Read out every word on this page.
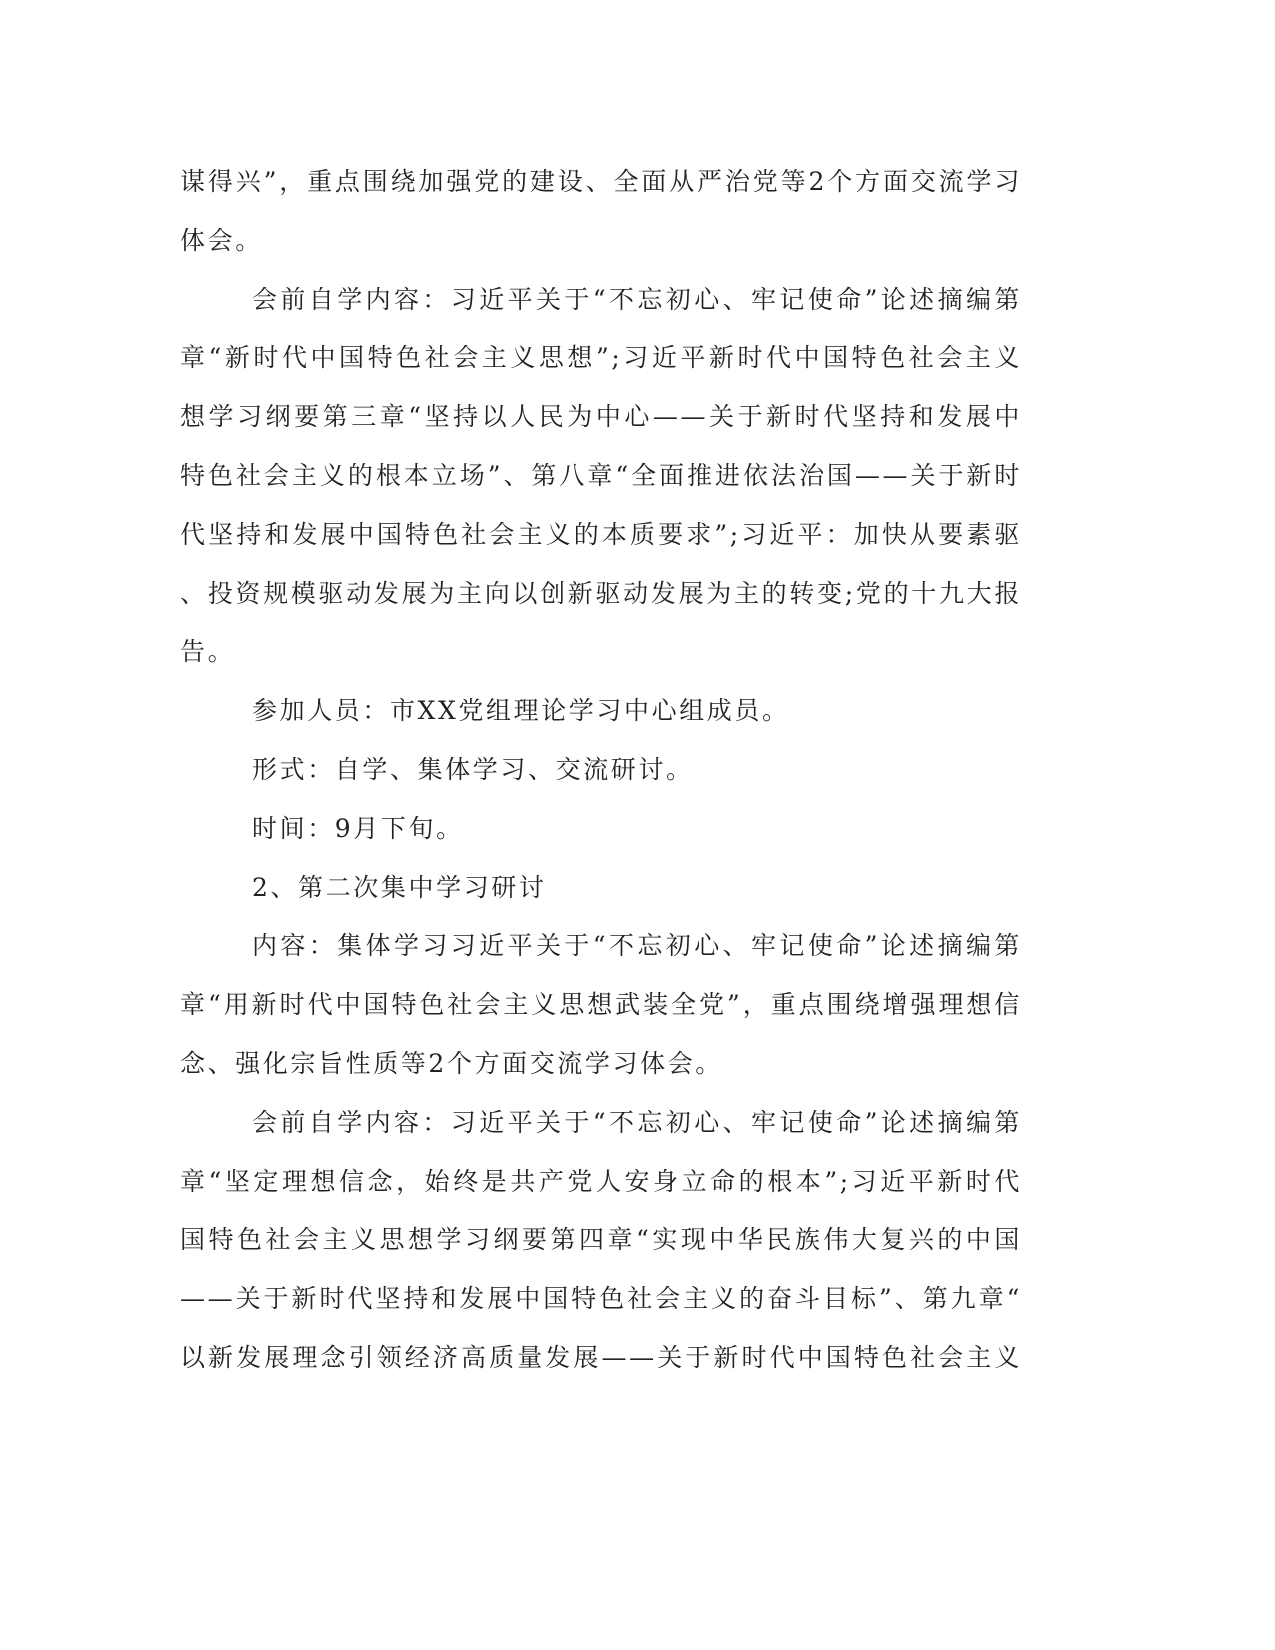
谋得兴”，重点围绕加强党的建设、全面从严治党等2个方面交流学习
体会。
会前自学内容：习近平关于“不忘初心、牢记使命”论述摘编第
章“新时代中国特色社会主义思想”;习近平新时代中国特色社会主义
想学习纲要第三章“坚持以人民为中心——关于新时代坚持和发展中
特色社会主义的根本立场”、第八章“全面推进依法治国——关于新时
代坚持和发展中国特色社会主义的本质要求”;习近平：加快从要素驱
、投资规模驱动发展为主向以创新驱动发展为主的转变;党的十九大报
告。
参加人员：市XX党组理论学习中心组成员。
形式：自学、集体学习、交流研讨。
时间：9月下旬。
2、第二次集中学习研讨
内容：集体学习习近平关于“不忘初心、牢记使命”论述摘编第
章“用新时代中国特色社会主义思想武装全党”，重点围绕增强理想信
念、强化宗旨性质等2个方面交流学习体会。
会前自学内容：习近平关于“不忘初心、牢记使命”论述摘编第
章“坚定理想信念，始终是共产党人安身立命的根本”;习近平新时代
国特色社会主义思想学习纲要第四章“实现中华民族伟大复兴的中国
——关于新时代坚持和发展中国特色社会主义的奋斗目标”、第九章“
以新发展理念引领经济高质量发展——关于新时代中国特色社会主义
